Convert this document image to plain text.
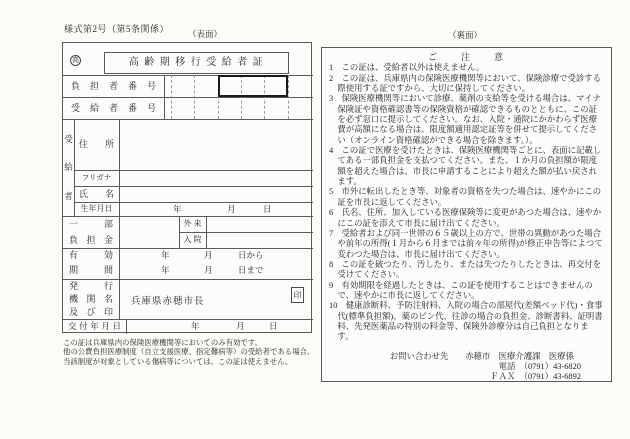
様式第2号（第5条関係） （表面）	（裏面）
高	高 齢 期 移 行 受 給 者 証
負 担 者 番 号
受 給 者 番 号
受
給
者
住　所
フリガナ
氏　名
生年月日	年	月	日
一　部
負 担 金
外 来
入 院
有　効
期　間
年	月	日から
年	月	日まで
発　行
機 関 名
及 び 印
兵庫県赤穂市長
印
交 付 年 月 日	年	月	日

この証は兵庫県内の保険医療機関等においてのみ有効です。

他の公費負担医療制度（自立支援医療、指定難病等）の受給者である場合、当該制度が対象としている傷病等については、この証は使えません。

ご　　注　　意

1　この証は、受給者以外は使えません。

2　この証は、兵庫県内の保険医療機関等において、保険診療で受診する際使用する証ですから、大切に保持してください。

3　保険医療機関等において診療、薬剤の支給等を受ける場合は、マイナ保険証や資格確認書等の保険資格が確認できるものとともに、この証を必ず窓口に提示してください。なお、入院・通院にかかわらず医療費が高額になる場合は、限度額適用認定証等を併せて提示してください（オンライン資格確認ができる場合を除きます。）。

4　この証で医療を受けたときは、保険医療機関等ごとに、表面に記載してある一部負担金を支払つてください。また、１か月の負担額が限度額を超えた場合は、市長に申請することにより超えた額が払い戻されます。

5　市外に転出したとき等、対象者の資格を失つた場合は、速やかにこの証を市長に返してください。

6　氏名、住所、加入している医療保険等に変更があつた場合は、速やかにこの証を添えて市長に届け出てください。

7　受給者および同一世帯の６５歳以上の方で、世帯の異動があつた場合や前年の所得(１月から６月までは前々年の所得)が修正申告等によつて変わつた場合は、市長に届け出てください。

8　この証を破つたり、汚したり、または失つたりしたときは、再交付を受けてください。

9　有効期限を経過したときは、この証を使用することはできませんので、速やかに市長に返してください。

10　健康診断料、予防注射料、入院の場合の部屋代(差額ベッド代)・食事代(標準負担額)、薬のビン代、往診の場合の負担金、診断書料、証明書料、先発医薬品の特別の料金等、保険外診療分は自己負担となります。

お問い合わせ先　　赤穂市　医療介護課　医療係

電話　（0791）43-6820

ＦＡＸ　（0791）43-6892
